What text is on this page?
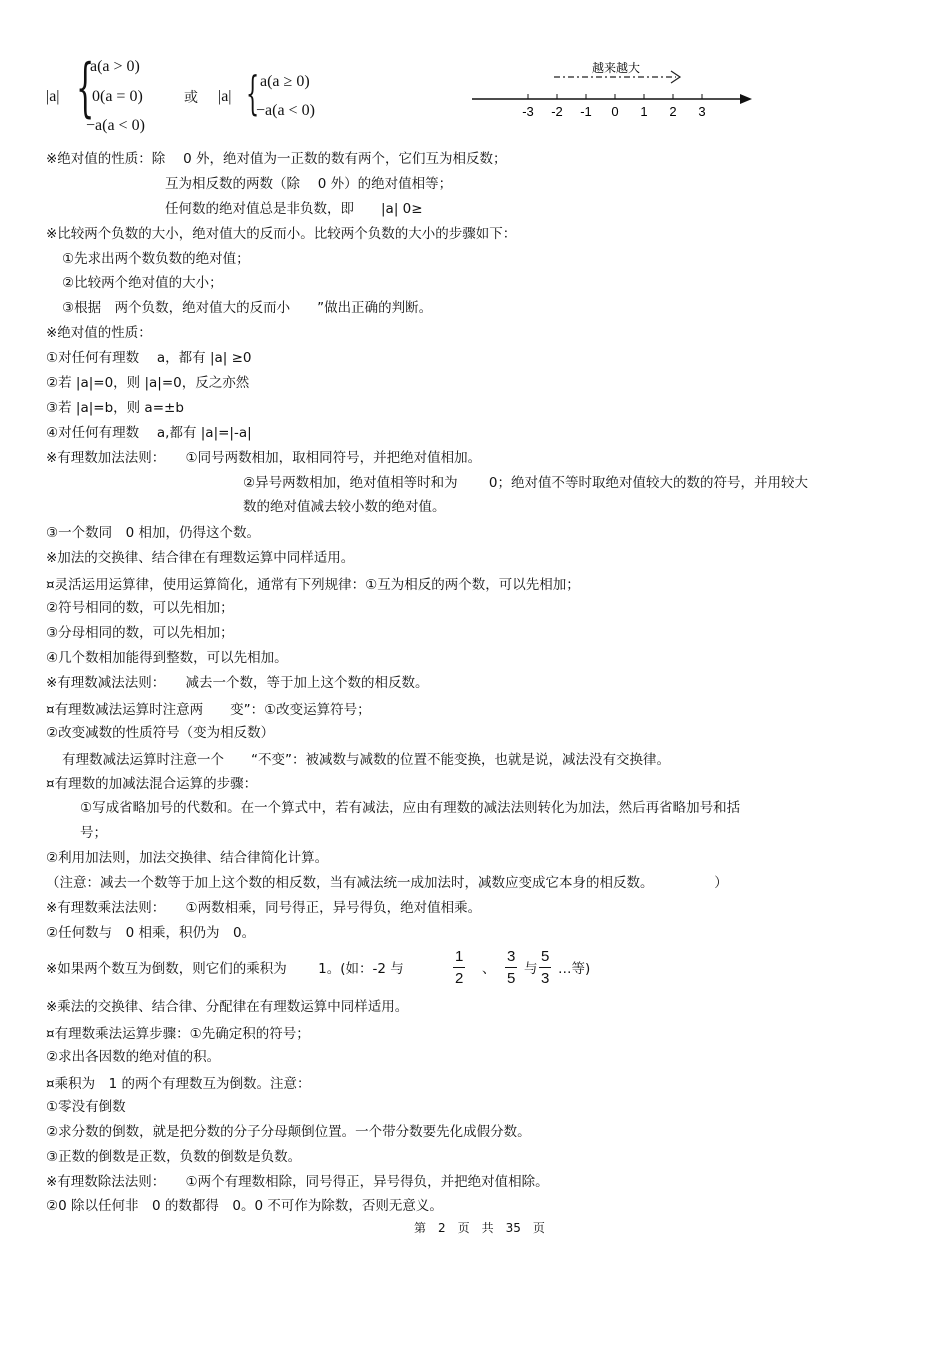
|a| {
a(a > 0)
0(a = 0)
−a(a < 0)
或 |a| { a(a ≥ 0)
−a(a < 0)
越来越大
-3 -2 -1 0 1 2 3
※绝对值的性质：除　 0 外，绝对值为一正数的数有两个，它们互为相反数；
互为相反数的两数（除　 0 外）的绝对值相等；
任何数的绝对值总是非负数，即　　|a| 0≥
※比较两个负数的大小，绝对值大的反而小。比较两个负数的大小的步骤如下：
①先求出两个数负数的绝对值；
②比较两个绝对值的大小；
③根据　两个负数，绝对值大的反而小　　”做出正确的判断。
※绝对值的性质：
①对任何有理数　 a，都有 |a| ≥0
②若 |a|=0，则 |a|=0，反之亦然
③若 |a|=b，则 a=±b
④对任何有理数　 a,都有 |a|=|-a|
※有理数加法法则：　　①同号两数相加，取相同符号，并把绝对值相加。
②异号两数相加，绝对值相等时和为　　 0；绝对值不等时取绝对值较大的数的符号，并用较大
数的绝对值减去较小数的绝对值。
③一个数同　0 相加，仍得这个数。
※加法的交换律、结合律在有理数运算中同样适用。
¤灵活运用运算律，使用运算简化，通常有下列规律：①互为相反的两个数，可以先相加；
②符号相同的数，可以先相加；
③分母相同的数，可以先相加；
④几个数相加能得到整数，可以先相加。
※有理数减法法则：　　减去一个数，等于加上这个数的相反数。
¤有理数减法运算时注意两　　变”：①改变运算符号；
②改变减数的性质符号（变为相反数）
有理数减法运算时注意一个　　“不变”：被减数与减数的位置不能变换，也就是说，减法没有交换律。
¤有理数的加减法混合运算的步骤：
①写成省略加号的代数和。在一个算式中，若有减法，应由有理数的减法法则转化为加法，然后再省略加号和括
号；
②利用加法则，加法交换律、结合律简化计算。
（注意：减去一个数等于加上这个数的相反数，当有减法统一成加法时，减数应变成它本身的相反数。　　　　　）
※有理数乘法法则：　　①两数相乘，同号得正，异号得负，绝对值相乘。
②任何数与　0 相乘，积仍为　0。
※如果两个数互为倒数，则它们的乘积为　　 1。(如：-2 与	$\frac{1}{2}$ 、 $\frac{3}{5}$ 与 $\frac{5}{3}$ …等)
※乘法的交换律、结合律、分配律在有理数运算中同样适用。
¤有理数乘法运算步骤：①先确定积的符号；
②求出各因数的绝对值的积。
¤乘积为　1 的两个有理数互为倒数。注意：
①零没有倒数
②求分数的倒数，就是把分数的分子分母颠倒位置。一个带分数要先化成假分数。
③正数的倒数是正数，负数的倒数是负数。
※有理数除法法则：　　①两个有理数相除，同号得正，异号得负，并把绝对值相除。
②0 除以任何非　0 的数都得　0。0 不可作为除数，否则无意义。
第　2　页　共　35　页
